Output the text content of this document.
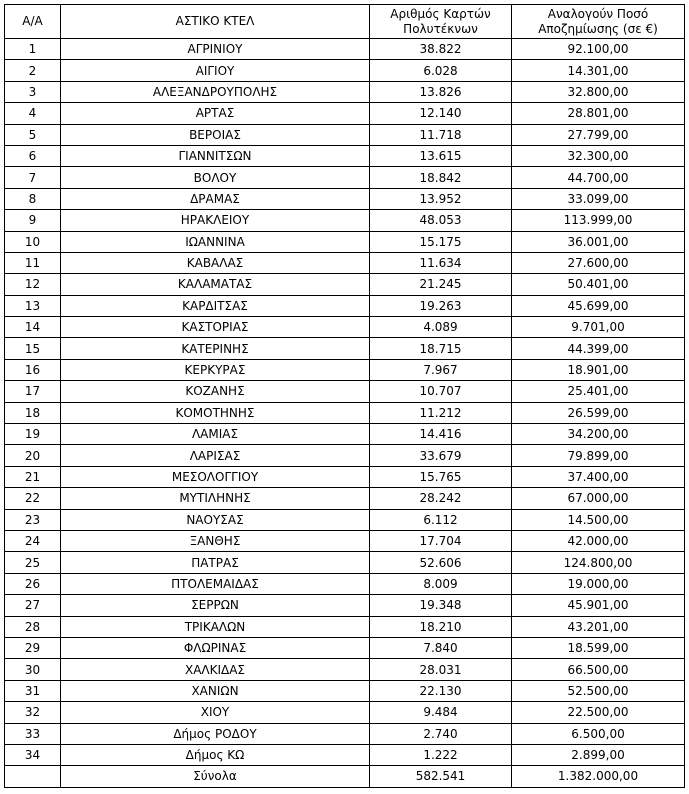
Α/Α	ΑΣΤΙΚΟ ΚΤΕΛ	Αριθμός Καρτών Πολυτέκνων	Αναλογούν Ποσό Αποζημίωσης (σε €)
1	ΑΓΡΙΝΙΟΥ	38.822	92.100,00
2	ΑΙΓΙΟΥ	6.028	14.301,00
3	ΑΛΕΞΑΝΔΡΟΥΠΟΛΗΣ	13.826	32.800,00
4	ΑΡΤΑΣ	12.140	28.801,00
5	ΒΕΡΟΙΑΣ	11.718	27.799,00
6	ΓΙΑΝΝΙΤΣΩΝ	13.615	32.300,00
7	ΒΟΛΟΥ	18.842	44.700,00
8	ΔΡΑΜΑΣ	13.952	33.099,00
9	ΗΡΑΚΛΕΙΟΥ	48.053	113.999,00
10	ΙΩΑΝΝΙΝΑ	15.175	36.001,00
11	ΚΑΒΑΛΑΣ	11.634	27.600,00
12	ΚΑΛΑΜΑΤΑΣ	21.245	50.401,00
13	ΚΑΡΔΙΤΣΑΣ	19.263	45.699,00
14	ΚΑΣΤΟΡΙΑΣ	4.089	9.701,00
15	ΚΑΤΕΡΙΝΗΣ	18.715	44.399,00
16	ΚΕΡΚΥΡΑΣ	7.967	18.901,00
17	ΚΟΖΑΝΗΣ	10.707	25.401,00
18	ΚΟΜΟΤΗΝΗΣ	11.212	26.599,00
19	ΛΑΜΙΑΣ	14.416	34.200,00
20	ΛΑΡΙΣΑΣ	33.679	79.899,00
21	ΜΕΣΟΛΟΓΓΙΟΥ	15.765	37.400,00
22	ΜΥΤΙΛΗΝΗΣ	28.242	67.000,00
23	ΝΑΟΥΣΑΣ	6.112	14.500,00
24	ΞΑΝΘΗΣ	17.704	42.000,00
25	ΠΑΤΡΑΣ	52.606	124.800,00
26	ΠΤΟΛΕΜΑΙΔΑΣ	8.009	19.000,00
27	ΣΕΡΡΩΝ	19.348	45.901,00
28	ΤΡΙΚΑΛΩΝ	18.210	43.201,00
29	ΦΛΩΡΙΝΑΣ	7.840	18.599,00
30	ΧΑΛΚΙΔΑΣ	28.031	66.500,00
31	ΧΑΝΙΩΝ	22.130	52.500,00
32	ΧΙΟΥ	9.484	22.500,00
33	Δήμος ΡΟΔΟΥ	2.740	6.500,00
34	Δήμος ΚΩ	1.222	2.899,00
	Σύνολα	582.541	1.382.000,00
